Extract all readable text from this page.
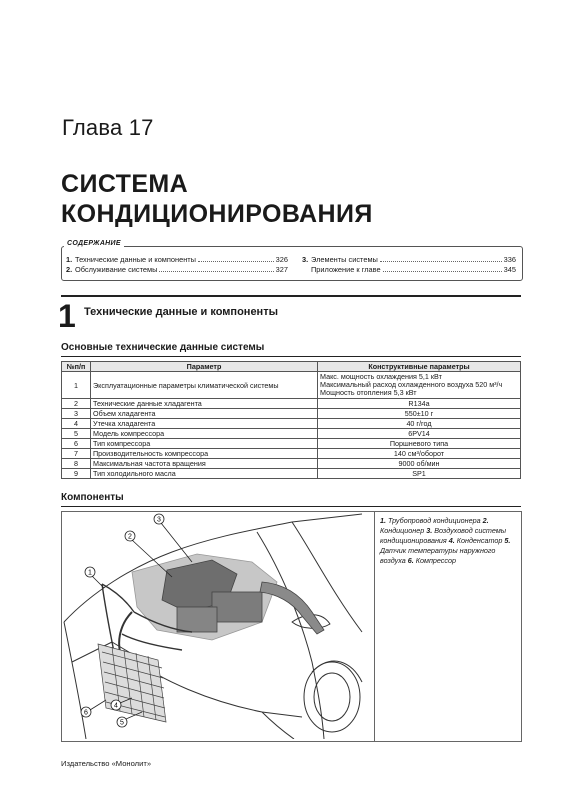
Глава 17
СИСТЕМА
КОНДИЦИОНИРОВАНИЯ
СОДЕРЖАНИЕ
1. Технические данные и компоненты	326
2. Обслуживание системы	327
3. Элементы системы	336
Приложение к главе	345
1 Технические данные и компоненты
Основные технические данные системы
№п/п	Параметр	Конструктивные параметры
1	Эксплуатационные параметры климатической системы	Макс. мощность охлаждения 5,1 кВт
Максимальный расход охлажденного воздуха 520 м³/ч
Мощность отопления 5,3 кВт

2	Технические данные хладагента	R134a
3	Объем хладагента	550±10 г
4	Утечка хладагента	40 г/год
5	Модель компрессора	6PV14
6	Тип компрессора	Поршневого типа
7	Производительность компрессора	140 см³/оборот
8	Максимальная частота вращения	9000 об/мин
9	Тип холодильного масла	SP1
Компоненты
1
2
3
4
5
6
1. Трубопровод кондиционера 2. Кондиционер 3. Воздуховод системы кондиционирования 4. Конденсатор 5. Датчик температуры наружного воздуха 6. Компрессор
Издательство «Монолит»
